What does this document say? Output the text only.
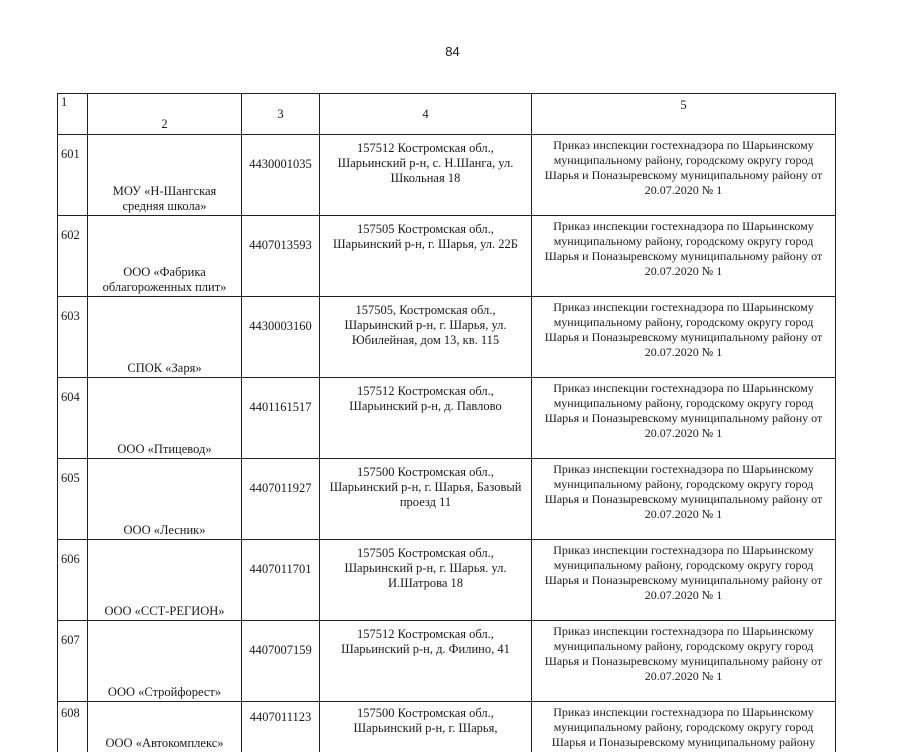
84
1	2	3	4	5
601	МОУ «Н-Шангская средняя школа»	4430001035	157512 Костромская обл., Шарьинский р-н, с. Н.Шанга, ул. Школьная 18	Приказ инспекции гостехнадзора по Шарьинскому муниципальному району, городскому округу город Шарья и Поназыревскому муниципальному району от 20.07.2020 № 1
602	ООО «Фабрика облагороженных плит»	4407013593	157505 Костромская обл., Шарьинский р-н, г. Шарья, ул. 22Б	Приказ инспекции гостехнадзора по Шарьинскому муниципальному району, городскому округу город Шарья и Поназыревскому муниципальному району от 20.07.2020 № 1
603	СПОК «Заря»	4430003160	157505, Костромская обл., Шарьинский р-н, г. Шарья, ул. Юбилейная, дом 13, кв. 115	Приказ инспекции гостехнадзора по Шарьинскому муниципальному району, городскому округу город Шарья и Поназыревскому муниципальному району от 20.07.2020 № 1
604	ООО «Птицевод»	4401161517	157512 Костромская обл., Шарьинский р-н, д. Павлово	Приказ инспекции гостехнадзора по Шарьинскому муниципальному району, городскому округу город Шарья и Поназыревскому муниципальному району от 20.07.2020 № 1
605	ООО «Лесник»	4407011927	157500 Костромская обл., Шарьинский р-н, г. Шарья, Базовый проезд 11	Приказ инспекции гостехнадзора по Шарьинскому муниципальному району, городскому округу город Шарья и Поназыревскому муниципальному району от 20.07.2020 № 1
606	ООО «ССТ-РЕГИОН»	4407011701	157505 Костромская обл., Шарьинский р-н, г. Шарья. ул. И.Шатрова 18	Приказ инспекции гостехнадзора по Шарьинскому муниципальному району, городскому округу город Шарья и Поназыревскому муниципальному району от 20.07.2020 № 1
607	ООО «Стройфорест»	4407007159	157512 Костромская обл., Шарьинский р-н, д. Филино, 41	Приказ инспекции гостехнадзора по Шарьинскому муниципальному району, городскому округу город Шарья и Поназыревскому муниципальному району от 20.07.2020 № 1
608	ООО «Автокомплекс»	4407011123	157500 Костромская обл., Шарьинский р-н, г. Шарья,	Приказ инспекции гостехнадзора по Шарьинскому муниципальному району, городскому округу город Шарья и Поназыревскому муниципальному району
